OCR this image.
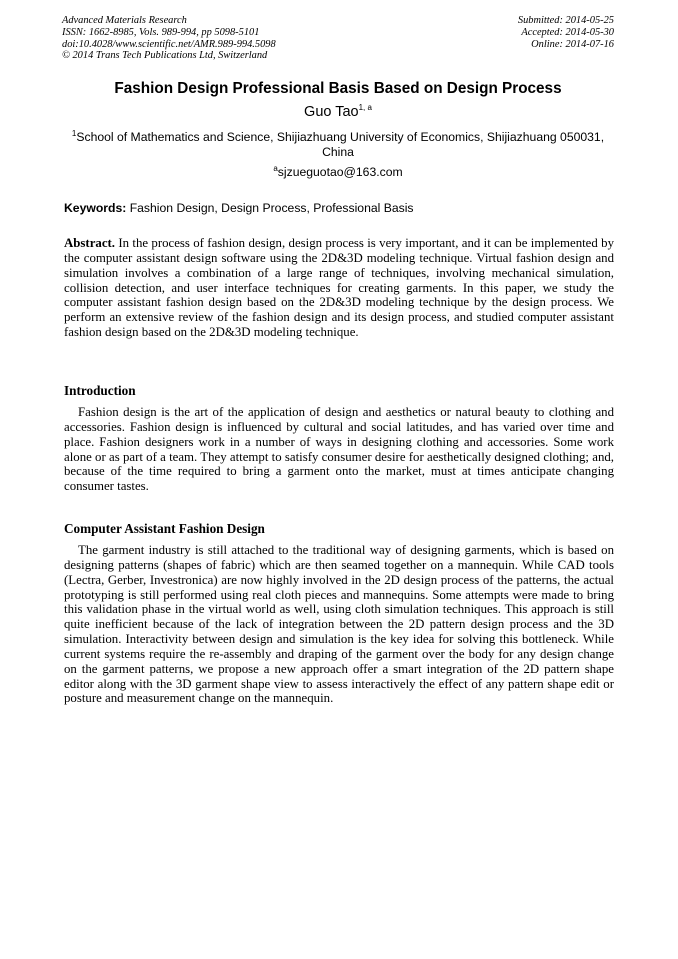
Advanced Materials Research
ISSN: 1662-8985, Vols. 989-994, pp 5098-5101
doi:10.4028/www.scientific.net/AMR.989-994.5098
© 2014 Trans Tech Publications Ltd, Switzerland
Submitted: 2014-05-25
Accepted: 2014-05-30
Online: 2014-07-16
Fashion Design Professional Basis Based on Design Process
Guo Tao$^{1, a}$
$^1$School of Mathematics and Science, Shijiazhuang University of Economics, Shijiazhuang 050031, China
$^a$sjzueguotao@163.com
Keywords: Fashion Design, Design Process, Professional Basis
Abstract. In the process of fashion design, design process is very important, and it can be implemented by the computer assistant design software using the 2D&3D modeling technique. Virtual fashion design and simulation involves a combination of a large range of techniques, involving mechanical simulation, collision detection, and user interface techniques for creating garments. In this paper, we study the computer assistant fashion design based on the 2D&3D modeling technique by the design process. We perform an extensive review of the fashion design and its design process, and studied computer assistant fashion design based on the 2D&3D modeling technique.
Introduction
Fashion design is the art of the application of design and aesthetics or natural beauty to clothing and accessories. Fashion design is influenced by cultural and social latitudes, and has varied over time and place. Fashion designers work in a number of ways in designing clothing and accessories. Some work alone or as part of a team. They attempt to satisfy consumer desire for aesthetically designed clothing; and, because of the time required to bring a garment onto the market, must at times anticipate changing consumer tastes.
Computer Assistant Fashion Design
The garment industry is still attached to the traditional way of designing garments, which is based on designing patterns (shapes of fabric) which are then seamed together on a mannequin. While CAD tools (Lectra, Gerber, Investronica) are now highly involved in the 2D design process of the patterns, the actual prototyping is still performed using real cloth pieces and mannequins. Some attempts were made to bring this validation phase in the virtual world as well, using cloth simulation techniques. This approach is still quite inefficient because of the lack of integration between the 2D pattern design process and the 3D simulation. Interactivity between design and simulation is the key idea for solving this bottleneck. While current systems require the re-assembly and draping of the garment over the body for any design change on the garment patterns, we propose a new approach offer a smart integration of the 2D pattern shape editor along with the 3D garment shape view to assess interactively the effect of any pattern shape edit or posture and measurement change on the mannequin.
